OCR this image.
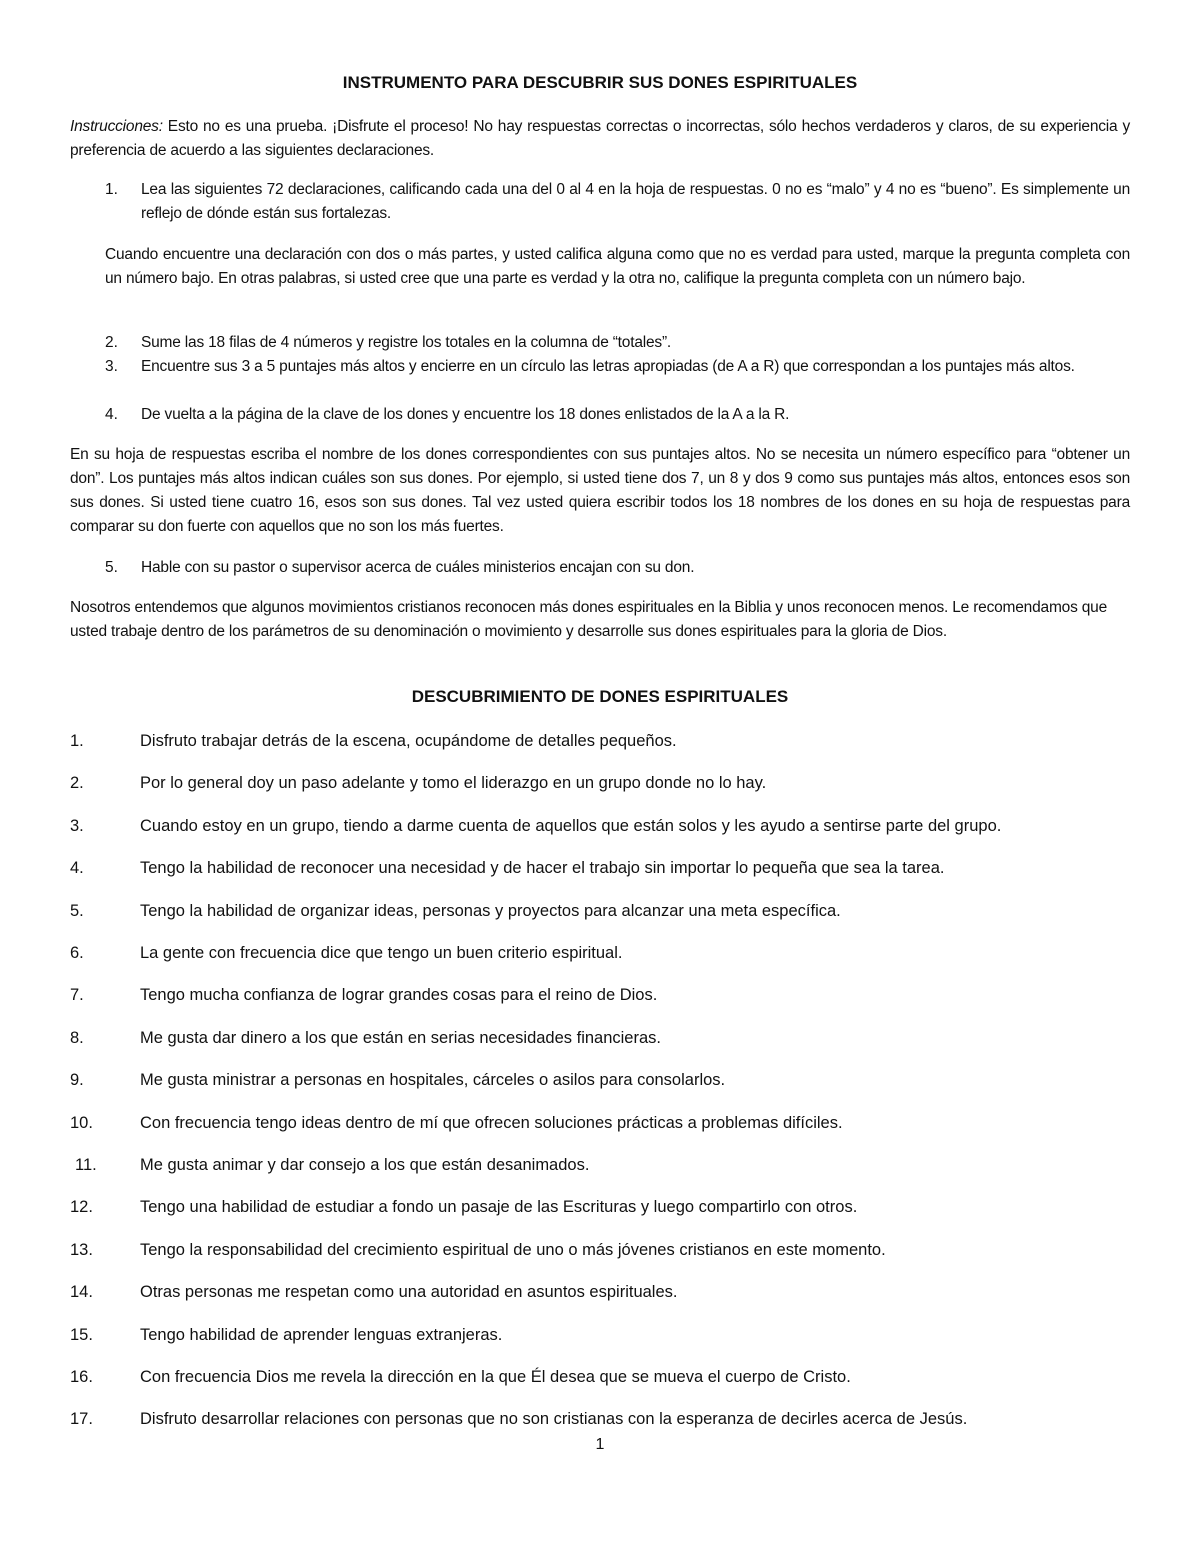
INSTRUMENTO PARA DESCUBRIR SUS DONES ESPIRITUALES

Instrucciones: Esto no es una prueba. ¡Disfrute el proceso! No hay respuestas correctas o incorrectas, sólo hechos verdaderos y claros, de su experiencia y preferencia de acuerdo a las siguientes declaraciones.

1. Lea las siguientes 72 declaraciones, calificando cada una del 0 al 4 en la hoja de respuestas. 0 no es “malo” y 4 no es “bueno”. Es simplemente un reflejo de dónde están sus fortalezas.

Cuando encuentre una declaración con dos o más partes, y usted califica alguna como que no es verdad para usted, marque la pregunta completa con un número bajo. En otras palabras, si usted cree que una parte es verdad y la otra no, califique la pregunta completa con un número bajo.

2. Sume las 18 filas de 4 números y registre los totales en la columna de “totales”.

3. Encuentre sus 3 a 5 puntajes más altos y encierre en un círculo las letras apropiadas (de A a R) que correspondan a los puntajes más altos.

4. De vuelta a la página de la clave de los dones y encuentre los 18 dones enlistados de la A a la R.

En su hoja de respuestas escriba el nombre de los dones correspondientes con sus puntajes altos. No se necesita un número específico para “obtener un don”. Los puntajes más altos indican cuáles son sus dones. Por ejemplo, si usted tiene dos 7, un 8 y dos 9 como sus puntajes más altos, entonces esos son sus dones. Si usted tiene cuatro 16, esos son sus dones. Tal vez usted quiera escribir todos los 18 nombres de los dones en su hoja de respuestas para comparar su don fuerte con aquellos que no son los más fuertes.

5. Hable con su pastor o supervisor acerca de cuáles ministerios encajan con su don.

Nosotros entendemos que algunos movimientos cristianos reconocen más dones espirituales en la Biblia y unos reconocen menos. Le recomendamos que usted trabaje dentro de los parámetros de su denominación o movimiento y desarrolle sus dones espirituales para la gloria de Dios.

DESCUBRIMIENTO DE DONES ESPIRITUALES
1.	Disfruto trabajar detrás de la escena, ocupándome de detalles pequeños.
2.	Por lo general doy un paso adelante y tomo el liderazgo en un grupo donde no lo hay.
3.	Cuando estoy en un grupo, tiendo a darme cuenta de aquellos que están solos y les ayudo a sentirse parte del grupo.
4.	Tengo la habilidad de reconocer una necesidad y de hacer el trabajo sin importar lo pequeña que sea la tarea.
5.	Tengo la habilidad de organizar ideas, personas y proyectos para alcanzar una meta específica.
6.	La gente con frecuencia dice que tengo un buen criterio espiritual.
7.	Tengo mucha confianza de lograr grandes cosas para el reino de Dios.
8.	Me gusta dar dinero a los que están en serias necesidades financieras.
9.	Me gusta ministrar a personas en hospitales, cárceles o asilos para consolarlos.
10.	Con frecuencia tengo ideas dentro de mí que ofrecen soluciones prácticas a problemas difíciles.
11.	Me gusta animar y dar consejo a los que están desanimados.
12.	Tengo una habilidad de estudiar a fondo un pasaje de las Escrituras y luego compartirlo con otros.
13.	Tengo la responsabilidad del crecimiento espiritual de uno o más jóvenes cristianos en este momento.
14.	Otras personas me respetan como una autoridad en asuntos espirituales.
15.	Tengo habilidad de aprender lenguas extranjeras.
16.	Con frecuencia Dios me revela la dirección en la que Él desea que se mueva el cuerpo de Cristo.
17.	Disfruto desarrollar relaciones con personas que no son cristianas con la esperanza de decirles acerca de Jesús.
1
